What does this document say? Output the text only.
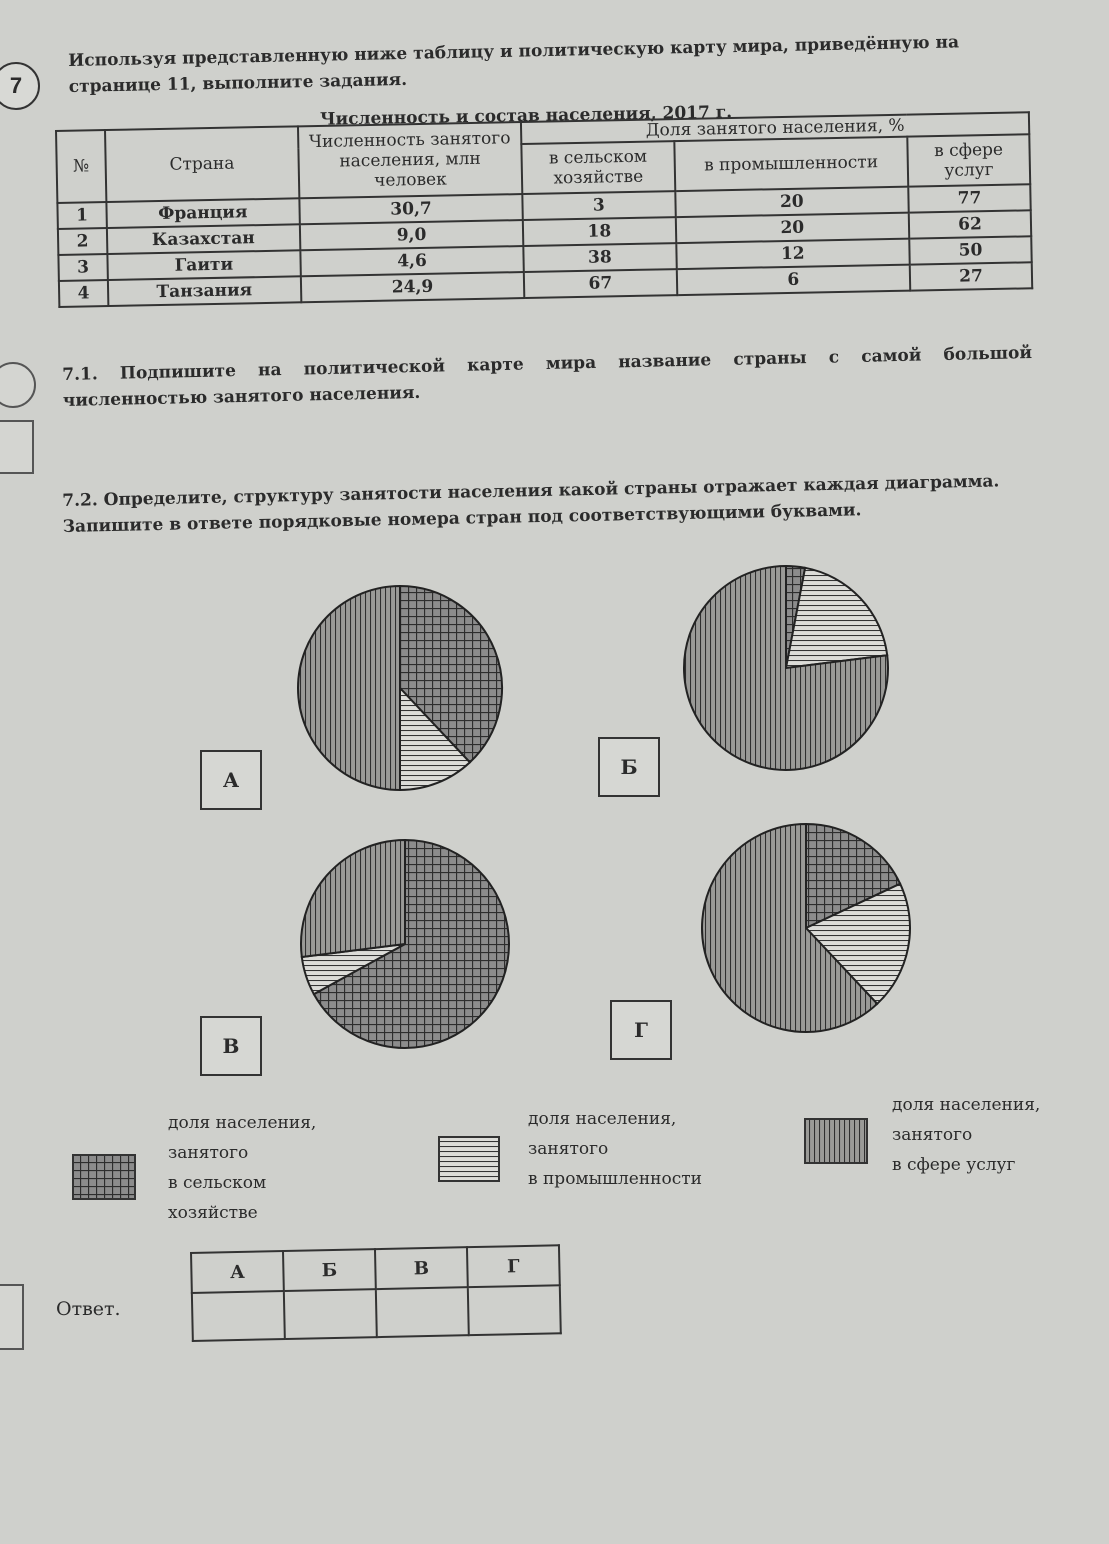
7
Используя представленную ниже таблицу и политическую карту мира, приведённую на странице 11, выполните задания.
Численность и состав населения, 2017 г.
№	Страна	Численность занятого населения, млн человек	Доля занятого населения, %		
			в сельском хозяйстве	в промышленности	в сфере услуг
1	Франция	30,7	3	20	77
2	Казахстан	9,0	18	20	62
3	Гаити	4,6	38	12	50
4	Танзания	24,9	67	6	27
7.1. Подпишите на политической карте мира название страны с самой большой
численностью занятого населения.
7.2. Определите, структуру занятости населения какой страны отражает каждая диаграмма.
Запишите в ответе порядковые номера стран под соответствующими буквами.
А
Б
В
Г
доля населения,
занятого
в сельском
хозяйстве
доля населения,
занятого
в промышленности
доля населения,
занятого
в сфере услуг
Ответ.
А	Б	В	Г
